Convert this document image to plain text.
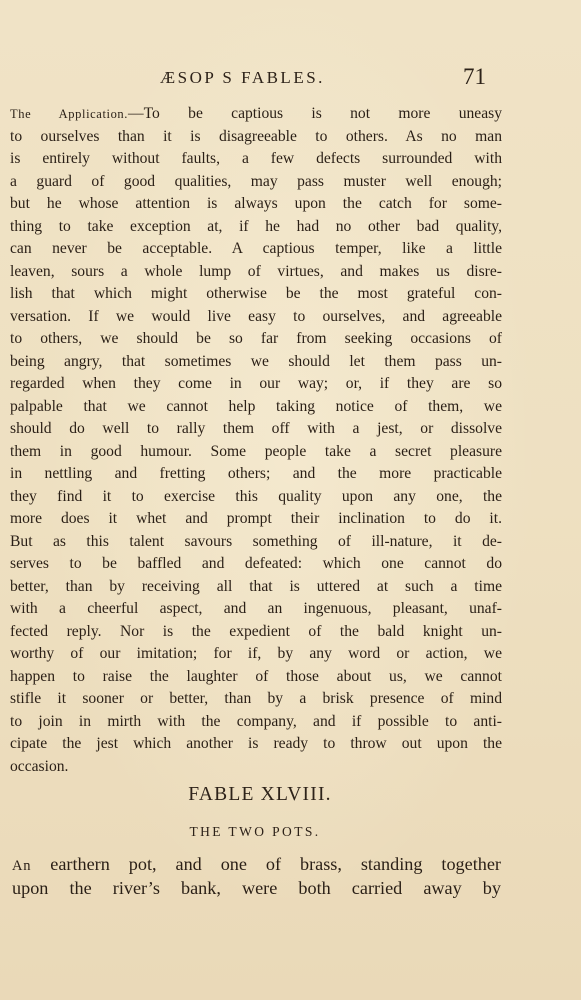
ÆSOP S FABLES.	71
The Application.—To be captious is not more uneasy
to ourselves than it is disagreeable to others. As no man
is entirely without faults, a few defects surrounded with
a guard of good qualities, may pass muster well enough;
but he whose attention is always upon the catch for some-
thing to take exception at, if he had no other bad quality,
can never be acceptable. A captious temper, like a little
leaven, sours a whole lump of virtues, and makes us disre-
lish that which might otherwise be the most grateful con-
versation. If we would live easy to ourselves, and agreeable
to others, we should be so far from seeking occasions of
being angry, that sometimes we should let them pass un-
regarded when they come in our way; or, if they are so
palpable that we cannot help taking notice of them, we
should do well to rally them off with a jest, or dissolve
them in good humour. Some people take a secret pleasure
in nettling and fretting others; and the more practicable
they find it to exercise this quality upon any one, the
more does it whet and prompt their inclination to do it.
But as this talent savours something of ill-nature, it de-
serves to be baffled and defeated: which one cannot do
better, than by receiving all that is uttered at such a time
with a cheerful aspect, and an ingenuous, pleasant, unaf-
fected reply. Nor is the expedient of the bald knight un-
worthy of our imitation; for if, by any word or action, we
happen to raise the laughter of those about us, we cannot
stifle it sooner or better, than by a brisk presence of mind
to join in mirth with the company, and if possible to anti-
cipate the jest which another is ready to throw out upon the
occasion.
FABLE XLVIII.
THE TWO POTS.
An earthern pot, and one of brass, standing together
upon the river’s bank, were both carried away by
